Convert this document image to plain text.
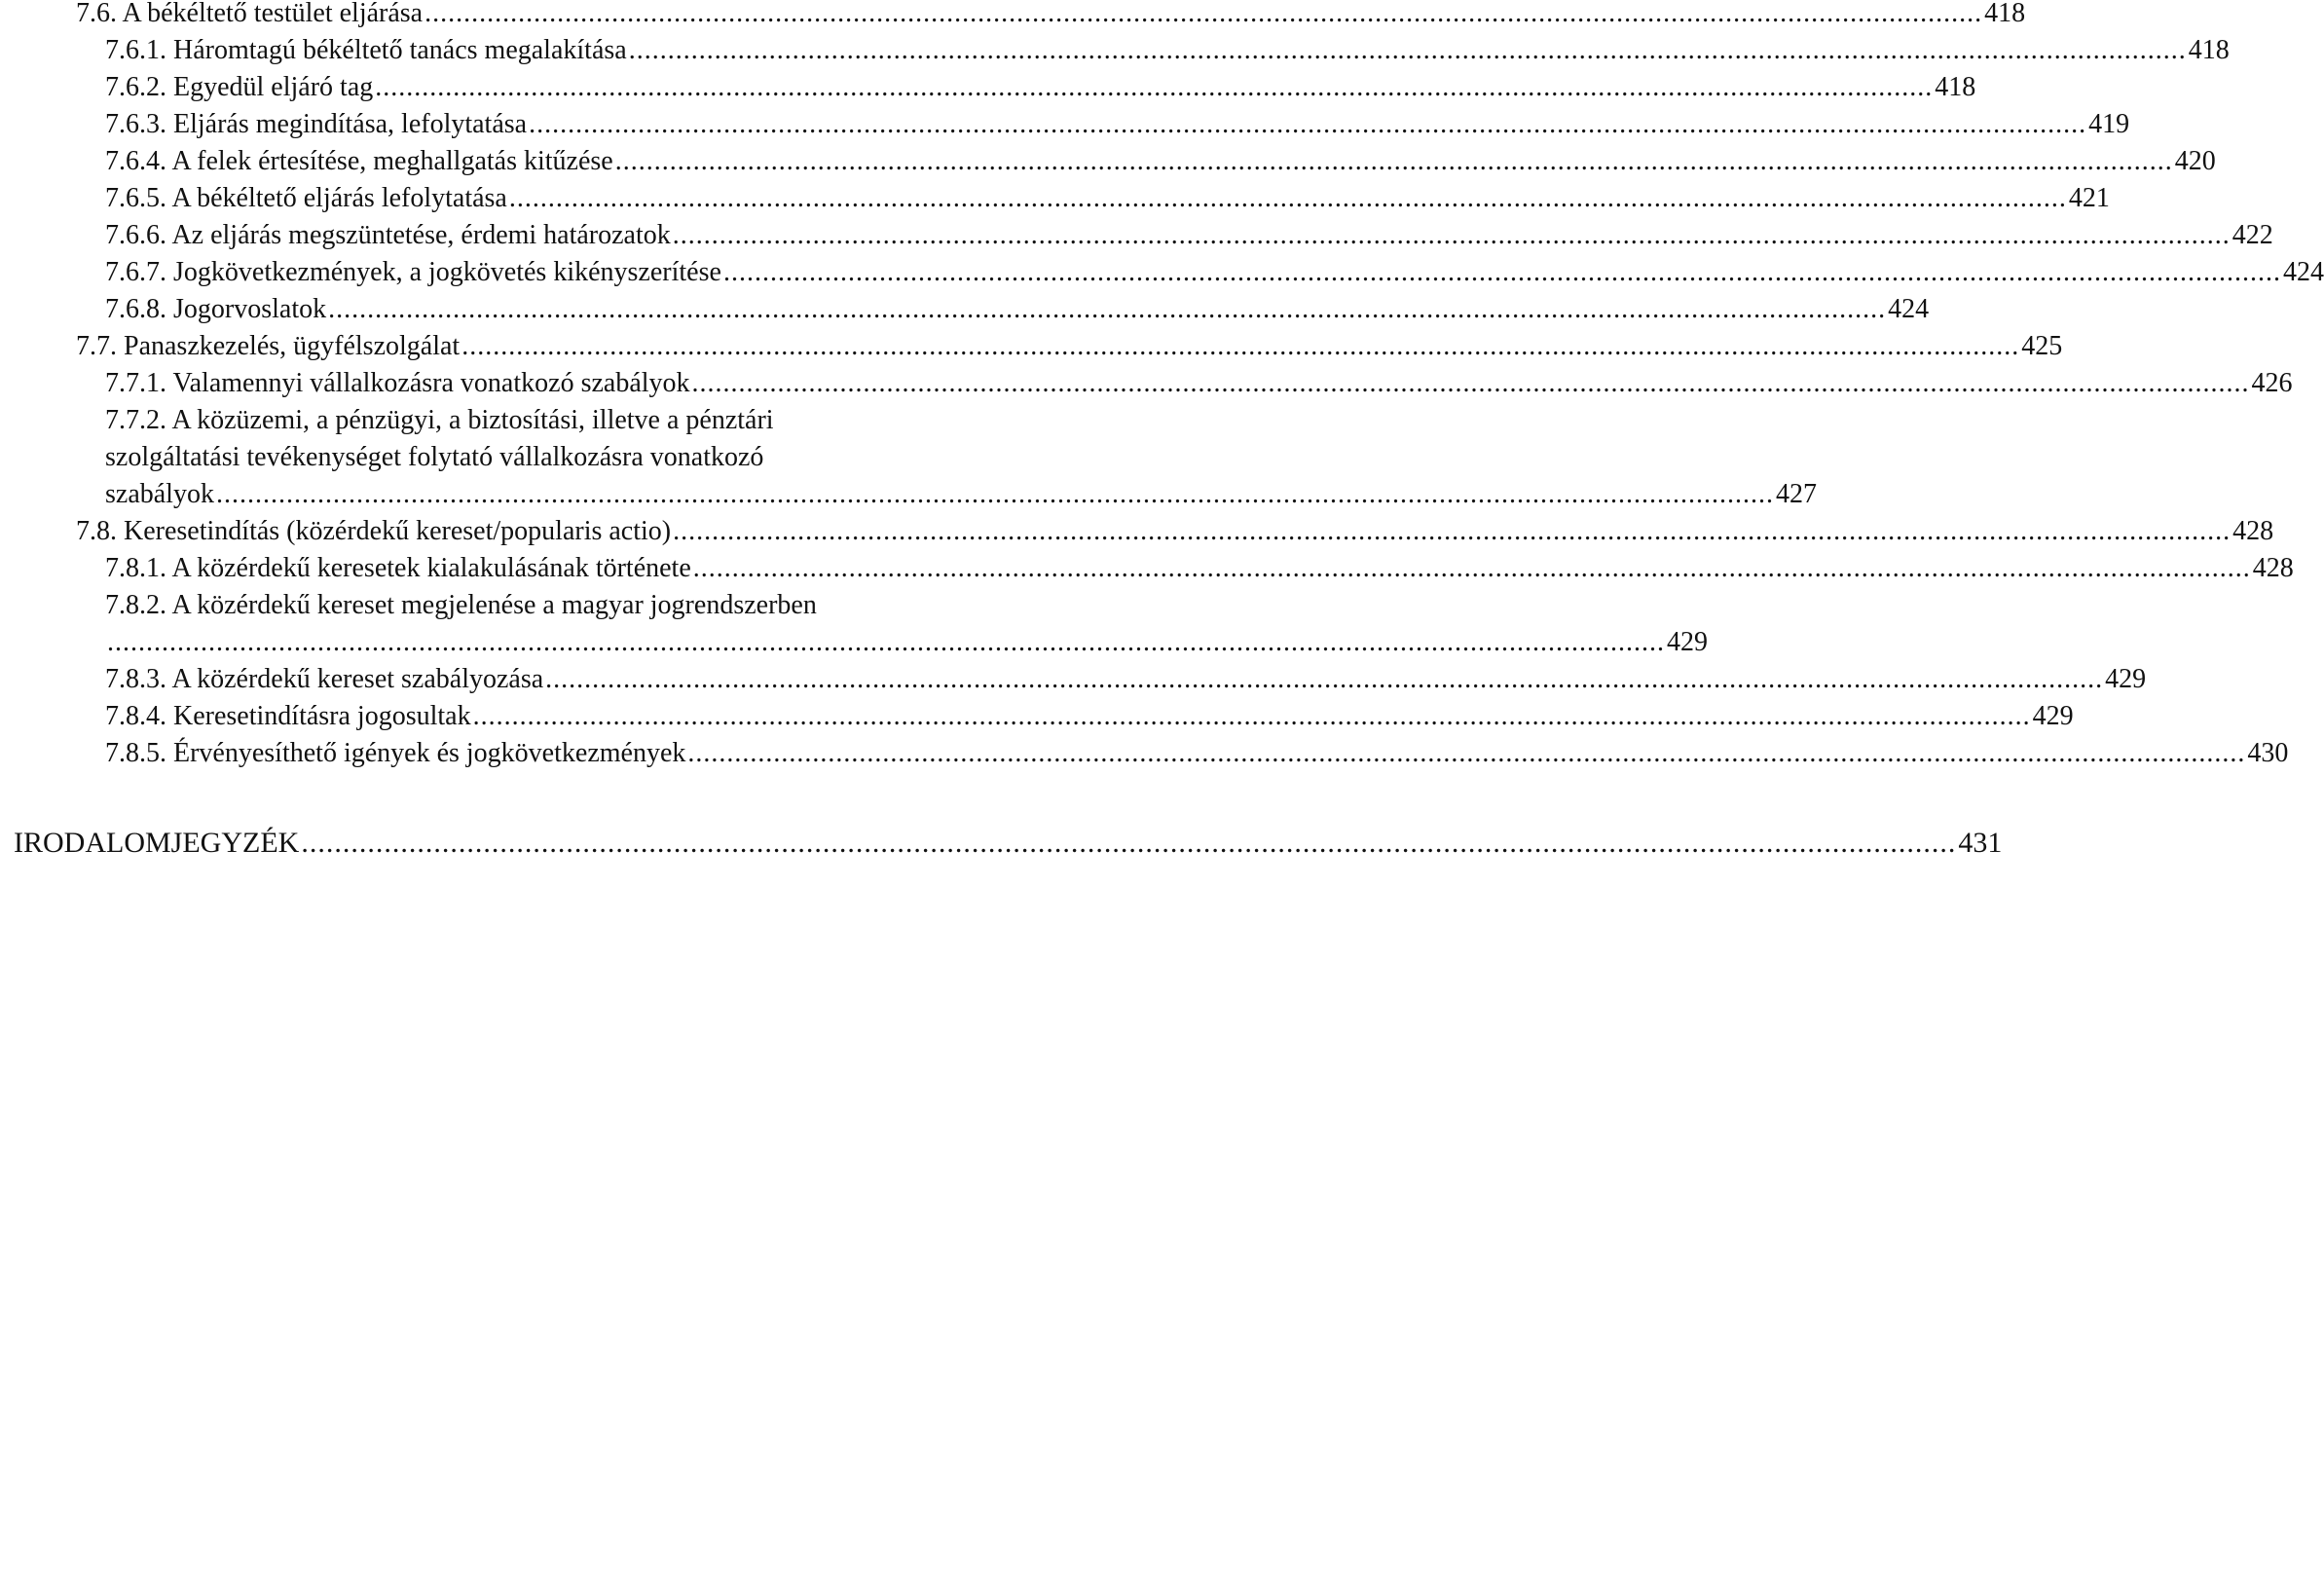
7.6. A békéltető testület eljárása ........................................................................................................................................................................................................ 418
7.6.1. Háromtagú békéltető tanács megalakítása ........................................................................................................................................................................................................ 418
7.6.2. Egyedül eljáró tag ........................................................................................................................................................................................................ 418
7.6.3. Eljárás megindítása, lefolytatása ........................................................................................................................................................................................................ 419
7.6.4. A felek értesítése, meghallgatás kitűzése ........................................................................................................................................................................................................ 420
7.6.5. A békéltető eljárás lefolytatása ........................................................................................................................................................................................................ 421
7.6.6. Az eljárás megszüntetése, érdemi határozatok ........................................................................................................................................................................................................ 422
7.6.7. Jogkövetkezmények, a jogkövetés kikényszerítése ........................................................................................................................................................................................................ 424
7.6.8. Jogorvoslatok ........................................................................................................................................................................................................ 424
7.7. Panaszkezelés, ügyfélszolgálat ........................................................................................................................................................................................................ 425
7.7.1. Valamennyi vállalkozásra vonatkozó szabályok ........................................................................................................................................................................................................ 426
7.7.2. A közüzemi, a pénzügyi, a biztosítási, illetve a pénztári
szolgáltatási tevékenységet folytató vállalkozásra vonatkozó
szabályok ........................................................................................................................................................................................................ 427
7.8. Keresetindítás (közérdekű kereset/popularis actio) ........................................................................................................................................................................................................ 428
7.8.1. A közérdekű keresetek kialakulásának története ........................................................................................................................................................................................................ 428
7.8.2. A közérdekű kereset megjelenése a magyar jogrendszerben
........................................................................................................................................................................................................ 429
7.8.3. A közérdekű kereset szabályozása ........................................................................................................................................................................................................ 429
7.8.4. Keresetindításra jogosultak ........................................................................................................................................................................................................ 429
7.8.5. Érvényesíthető igények és jogkövetkezmények ........................................................................................................................................................................................................ 430
IRODALOMJEGYZÉK ........................................................................................................................................................................................................ 431
